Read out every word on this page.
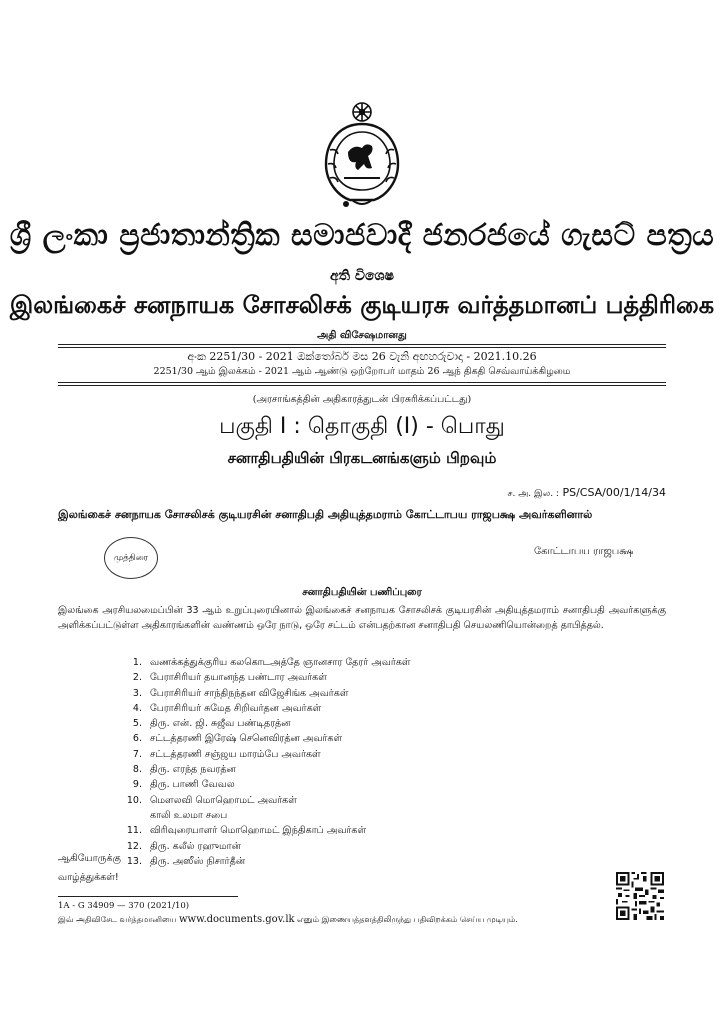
ශ්‍රී ලංකා ප්‍රජාතාන්ත්‍රික සමාජවාදී ජනරජයේ ගැසට් පත්‍රය
අති විශෙෂ
இலங்கைச் சனநாயக சோசலிசக் குடியரசு வர்த்தமானப் பத்திரிகை
அதி விசேஷமானது
අංක 2251/30 - 2021 ඔක්තෝබර් මස 26 වැනි අඟහරුවාදා - 2021.10.26
2251/30 ஆம் இலக்கம் - 2021 ஆம் ஆண்டு ஒற்றோபர் மாதம் 26 ஆந் திகதி செவ்வாய்க்கிழமை
(அரசாங்கத்தின் அதிகாரத்துடன் பிரசுரிக்கப்பட்டது)
பகுதி I : தொகுதி (I) - பொது
சனாதிபதியின் பிரகடனங்களும் பிறவும்
ச. அ. இல. : PS/CSA/00/1/14/34
இலங்கைச் சனநாயக சோசலிசக் குடியரசின் சனாதிபதி அதியுத்தமராம் கோட்டாபய ராஜபக்ஷ அவர்களினால்
முத்திரை
கோட்டாபய ராஜபக்ஷ
சனாதிபதியின் பணிப்புரை
இலங்கை அரசியலமைப்பின் 33 ஆம் உறுப்புரையினால் இலங்கைச் சனநாயக சோசலிசக் குடியரசின் அதியுத்தமராம் சனாதிபதி அவர்களுக்கு அளிக்கப்பட்டுள்ள அதிகாரங்களின் வண்ணம் ஒரே நாடு, ஒரே சட்டம் என்பதற்கான சனாதிபதி செயலணியொன்றைத் தாபித்தல்.
1. வணக்கத்துக்குரிய கலகொடஅத்தே ஞானசார தேரர் அவர்கள்
2. பேராசிரியர் தயானந்த பண்டார அவர்கள்
3. பேராசிரியர் சாந்திநந்தன விஜேசிங்க அவர்கள்
4. பேராசிரியர் சுமேத சிறிவர்தன அவர்கள்
5. திரு. என். ஜி. சுஜீவ பண்டிதரத்ன
6. சட்டத்தரணி இரேஷ் செனெவிரத்ன அவர்கள்
7. சட்டத்தரணி சஞ்ஜய மாரம்பே அவர்கள்
8. திரு. எரந்த நவரத்ன
9. திரு. பாணி வேவல
10. மௌலவி மொஹொமட் அவர்கள்
காலி உலமா சபை
11. விரிவுரையாளர் மொஹொமட் இந்திகாப் அவர்கள்
12. திரு. கலீல் ரஹுமான்
13. திரு. அஸீஸ் நிசார்தீன்
ஆகியோருக்கு
வாழ்த்துக்கள்!
1A - G 34909 — 370 (2021/10)
இவ் அதிவிசேட வர்த்தமானியை www.documents.gov.lk எனும் இணையத்தளத்திலிருந்து பதிவிறக்கம் செய்ய முடியும்.
